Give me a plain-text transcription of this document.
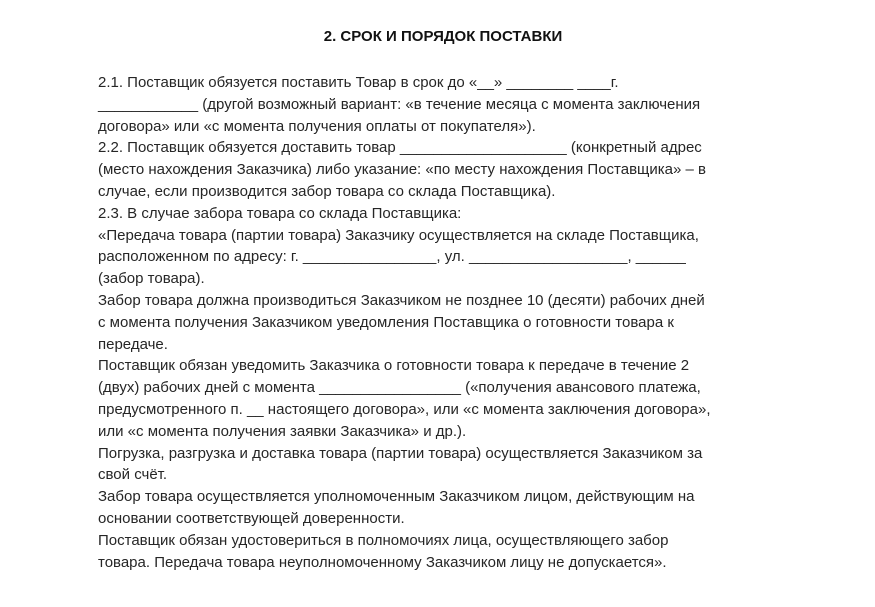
2. СРОК И ПОРЯДОК ПОСТАВКИ
2.1. Поставщик обязуется поставить Товар в срок до «__» ________ ____г.
____________ (другой возможный вариант: «в течение месяца с момента заключения
договора» или «с момента получения оплаты от покупателя»).
2.2. Поставщик обязуется доставить товар ____________________ (конкретный адрес
(место нахождения Заказчика) либо указание: «по месту нахождения Поставщика» – в
случае, если производится забор товара со склада Поставщика).
2.3. В случае забора товара со склада Поставщика:
«Передача товара (партии товара) Заказчику осуществляется на складе Поставщика,
расположенном по адресу: г. ________________, ул. ___________________, ______
(забор товара).
Забор товара должна производиться Заказчиком не позднее 10 (десяти) рабочих дней
с момента получения Заказчиком уведомления Поставщика о готовности товара к
передаче.
Поставщик обязан уведомить Заказчика о готовности товара к передаче в течение 2
(двух) рабочих дней с момента _________________ («получения авансового платежа,
предусмотренного п. __ настоящего договора», или «с момента заключения договора»,
или «с момента получения заявки Заказчика» и др.).
Погрузка, разгрузка и доставка товара (партии товара) осуществляется Заказчиком за
свой счёт.
Забор товара осуществляется уполномоченным Заказчиком лицом, действующим на
основании соответствующей доверенности.
Поставщик обязан удостовериться в полномочиях лица, осуществляющего забор
товара. Передача товара неуполномоченному Заказчиком лицу не допускается».
